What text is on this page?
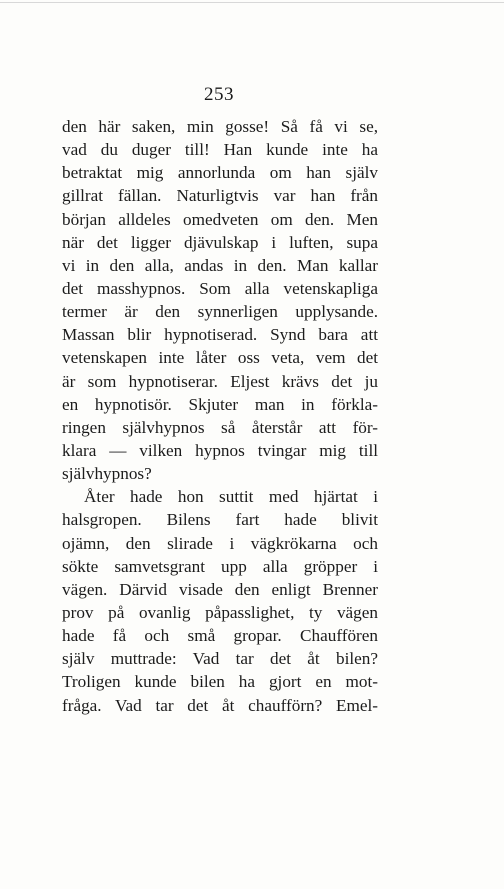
253
den här saken, min gosse! Så få vi se,
vad du duger till! Han kunde inte ha
betraktat mig annorlunda om han själv
gillrat fällan. Naturligtvis var han från
början alldeles omedveten om den. Men
när det ligger djävulskap i luften, supa
vi in den alla, andas in den. Man kallar
det masshypnos. Som alla vetenskapliga
termer är den synnerligen upplysande.
Massan blir hypnotiserad. Synd bara att
vetenskapen inte låter oss veta, vem det
är som hypnotiserar. Eljest krävs det ju
en hypnotisör. Skjuter man in förkla-
ringen självhypnos så återstår att för-
klara — vilken hypnos tvingar mig till
självhypnos?
Åter hade hon suttit med hjärtat i
halsgropen. Bilens fart hade blivit
ojämn, den slirade i vägkrökarna och
sökte samvetsgrant upp alla gröpper i
vägen. Därvid visade den enligt Brenner
prov på ovanlig påpasslighet, ty vägen
hade få och små gropar. Chauffören
själv muttrade: Vad tar det åt bilen?
Troligen kunde bilen ha gjort en mot-
fråga. Vad tar det åt chaufförn? Emel-
